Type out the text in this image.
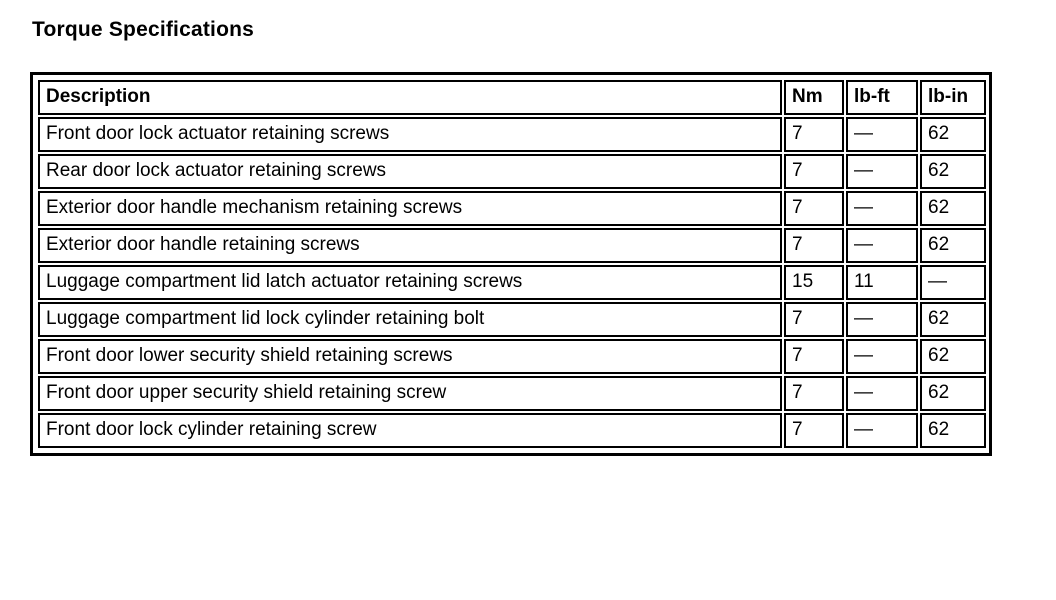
Torque Specifications
Description	Nm	lb-ft	lb-in
Front door lock actuator retaining screws	7	—	62
Rear door lock actuator retaining screws	7	—	62
Exterior door handle mechanism retaining screws	7	—	62
Exterior door handle retaining screws	7	—	62
Luggage compartment lid latch actuator retaining screws	15	11	—
Luggage compartment lid lock cylinder retaining bolt	7	—	62
Front door lower security shield retaining screws	7	—	62
Front door upper security shield retaining screw	7	—	62
Front door lock cylinder retaining screw	7	—	62
